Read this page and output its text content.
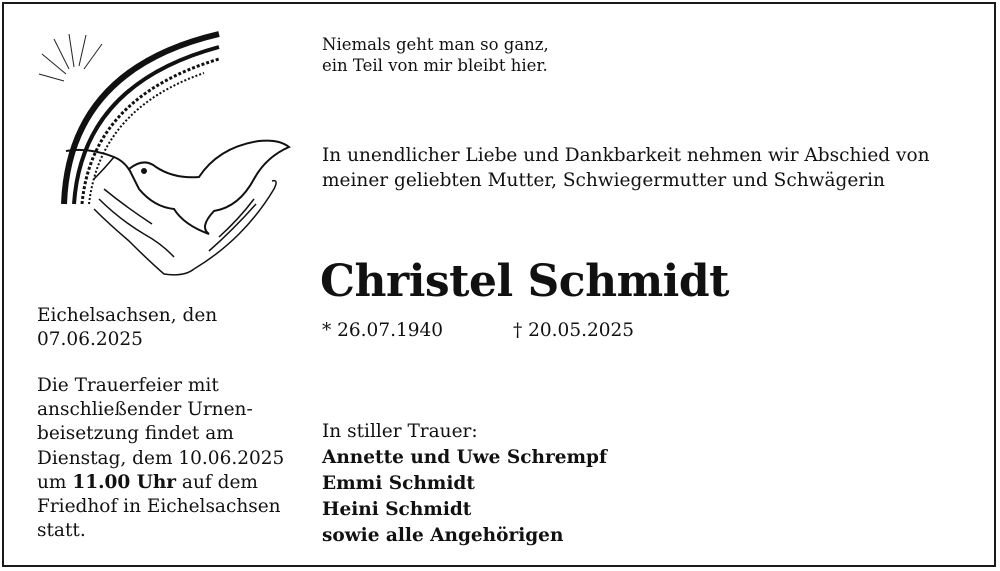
Niemals geht man so ganz,
ein Teil von mir bleibt hier.
In unendlicher Liebe und Dankbarkeit nehmen wir Abschied von
meiner geliebten Mutter, Schwiegermutter und Schwägerin
Christel Schmidt
* 26.07.1940	† 20.05.2025
Eichelsachsen, den
07.06.2025
Die Trauerfeier mit
anschließender Urnen-
beisetzung findet am
Dienstag, dem 10.06.2025
um 11.00 Uhr auf dem
Friedhof in Eichelsachsen
statt.
In stiller Trauer:
Annette und Uwe Schrempf
Emmi Schmidt
Heini Schmidt
sowie alle Angehörigen
